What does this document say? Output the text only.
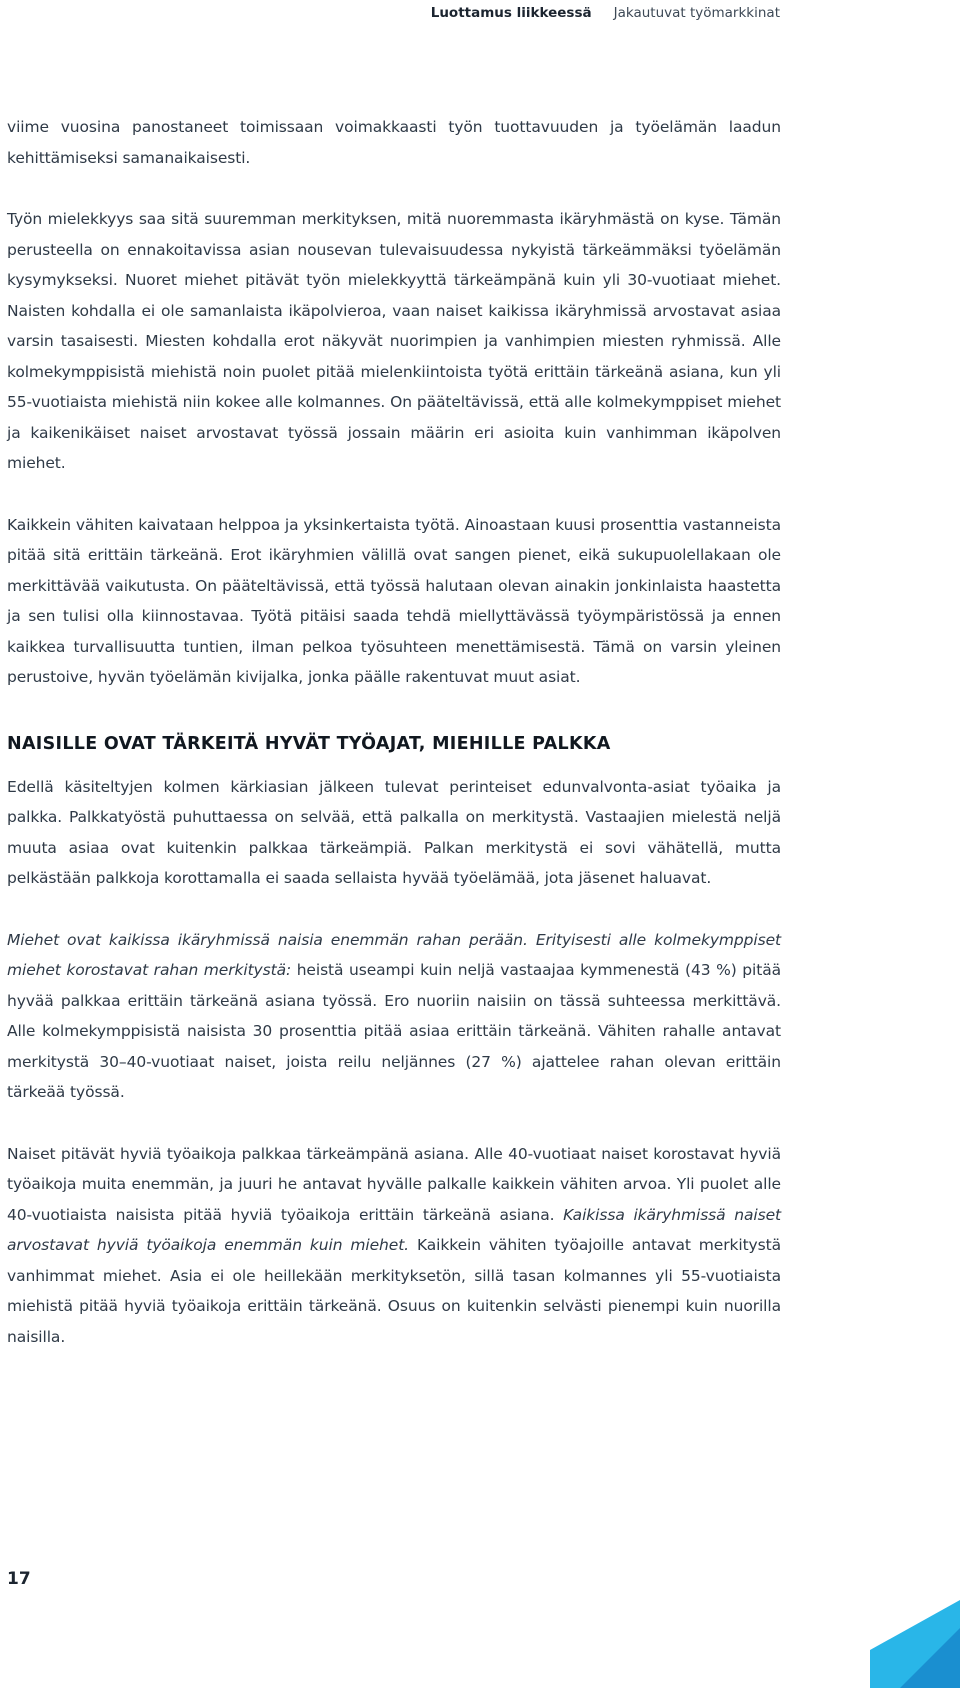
Luottamus liikkeessä Jakautuvat työmarkkinat

viime vuosina panostaneet toimissaan voimakkaasti työn tuottavuuden ja työelämän laadun kehittämiseksi samanaikaisesti.

Työn mielekkyys saa sitä suuremman merkityksen, mitä nuoremmasta ikäryhmästä on kyse. Tämän perusteella on ennakoitavissa asian nousevan tulevaisuudessa nykyistä tärkeämmäksi työelämän kysymykseksi. Nuoret miehet pitävät työn mielekkyyttä tärkeämpänä kuin yli 30-vuotiaat miehet. Naisten kohdalla ei ole samanlaista ikäpolvieroa, vaan naiset kaikissa ikäryhmissä arvostavat asiaa varsin tasaisesti. Miesten kohdalla erot näkyvät nuorimpien ja vanhimpien miesten ryhmissä. Alle kolmekymppisistä miehistä noin puolet pitää mielenkiintoista työtä erittäin tärkeänä asiana, kun yli 55-vuotiaista miehistä niin kokee alle kolmannes. On pääteltävissä, että alle kolmekymppiset miehet ja kaikenikäiset naiset arvostavat työssä jossain määrin eri asioita kuin vanhimman ikäpolven miehet.

Kaikkein vähiten kaivataan helppoa ja yksinkertaista työtä. Ainoastaan kuusi prosenttia vastanneista pitää sitä erittäin tärkeänä. Erot ikäryhmien välillä ovat sangen pienet, eikä sukupuolellakaan ole merkittävää vaikutusta. On pääteltävissä, että työssä halutaan olevan ainakin jonkinlaista haastetta ja sen tulisi olla kiinnostavaa. Työtä pitäisi saada tehdä miellyttävässä työympäristössä ja ennen kaikkea turvallisuutta tuntien, ilman pelkoa työsuhteen menettämisestä. Tämä on varsin yleinen perustoive, hyvän työelämän kivijalka, jonka päälle rakentuvat muut asiat.

NAISILLE OVAT TÄRKEITÄ HYVÄT TYÖAJAT, MIEHILLE PALKKA

Edellä käsiteltyjen kolmen kärkiasian jälkeen tulevat perinteiset edunvalvonta-asiat työaika ja palkka. Palkkatyöstä puhuttaessa on selvää, että palkalla on merkitystä. Vastaajien mielestä neljä muuta asiaa ovat kuitenkin palkkaa tärkeämpiä. Palkan merkitystä ei sovi vähätellä, mutta pelkästään palkkoja korottamalla ei saada sellaista hyvää työelämää, jota jäsenet haluavat.

Miehet ovat kaikissa ikäryhmissä naisia enemmän rahan perään. Erityisesti alle kolmekymppiset miehet korostavat rahan merkitystä: heistä useampi kuin neljä vastaajaa kymmenestä (43 %) pitää hyvää palkkaa erittäin tärkeänä asiana työssä. Ero nuoriin naisiin on tässä suhteessa merkittävä. Alle kolmekymppisistä naisista 30 prosenttia pitää asiaa erittäin tärkeänä. Vähiten rahalle antavat merkitystä 30–40-vuotiaat naiset, joista reilu neljännes (27 %) ajattelee rahan olevan erittäin tärkeää työssä.

Naiset pitävät hyviä työaikoja palkkaa tärkeämpänä asiana. Alle 40-vuotiaat naiset korostavat hyviä työaikoja muita enemmän, ja juuri he antavat hyvälle palkalle kaikkein vähiten arvoa. Yli puolet alle 40-vuotiaista naisista pitää hyviä työaikoja erittäin tärkeänä asiana. Kaikissa ikäryhmissä naiset arvostavat hyviä työaikoja enemmän kuin miehet. Kaikkein vähiten työajoille antavat merkitystä vanhimmat miehet. Asia ei ole heillekään merkityksetön, sillä tasan kolmannes yli 55-vuotiaista miehistä pitää hyviä työaikoja erittäin tärkeänä. Osuus on kuitenkin selvästi pienempi kuin nuorilla naisilla.

17
